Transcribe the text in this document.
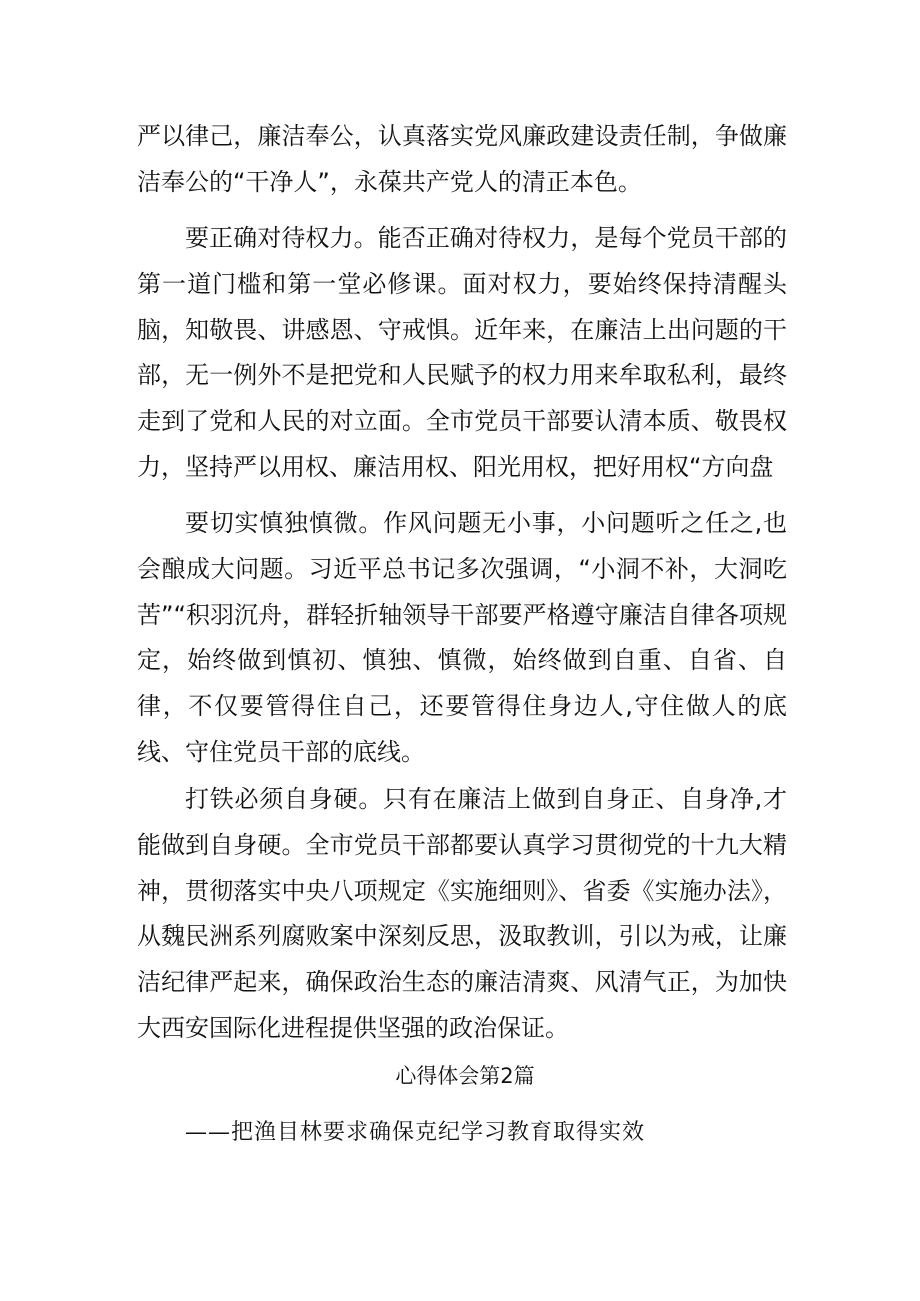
严以律己，廉洁奉公，认真落实党风廉政建设责任制，争做廉洁奉公的“干净人”，永葆共产党人的清正本色。
要正确对待权力。能否正确对待权力，是每个党员干部的第一道门槛和第一堂必修课。面对权力，要始终保持清醒头脑，知敬畏、讲感恩、守戒惧。近年来，在廉洁上出问题的干部，无一例外不是把党和人民赋予的权力用来牟取私利，最终走到了党和人民的对立面。全市党员干部要认清本质、敬畏权力，坚持严以用权、廉洁用权、阳光用权，把好用权“方向盘
要切实慎独慎微。作风问题无小事，小问题听之任之,也会酿成大问题。习近平总书记多次强调，“小洞不补，大洞吃苦”“积羽沉舟，群轻折轴领导干部要严格遵守廉洁自律各项规定，始终做到慎初、慎独、慎微，始终做到自重、自省、自律，不仅要管得住自己，还要管得住身边人,守住做人的底线、守住党员干部的底线。
打铁必须自身硬。只有在廉洁上做到自身正、自身净,才能做到自身硬。全市党员干部都要认真学习贯彻党的十九大精神，贯彻落实中央八项规定《实施细则》、省委《实施办法》，从魏民洲系列腐败案中深刻反思，汲取教训，引以为戒，让廉洁纪律严起来，确保政治生态的廉洁清爽、风清气正，为加快大西安国际化进程提供坚强的政治保证。
心得体会第2篇
——把渔目林要求确保克纪学习教育取得实效
